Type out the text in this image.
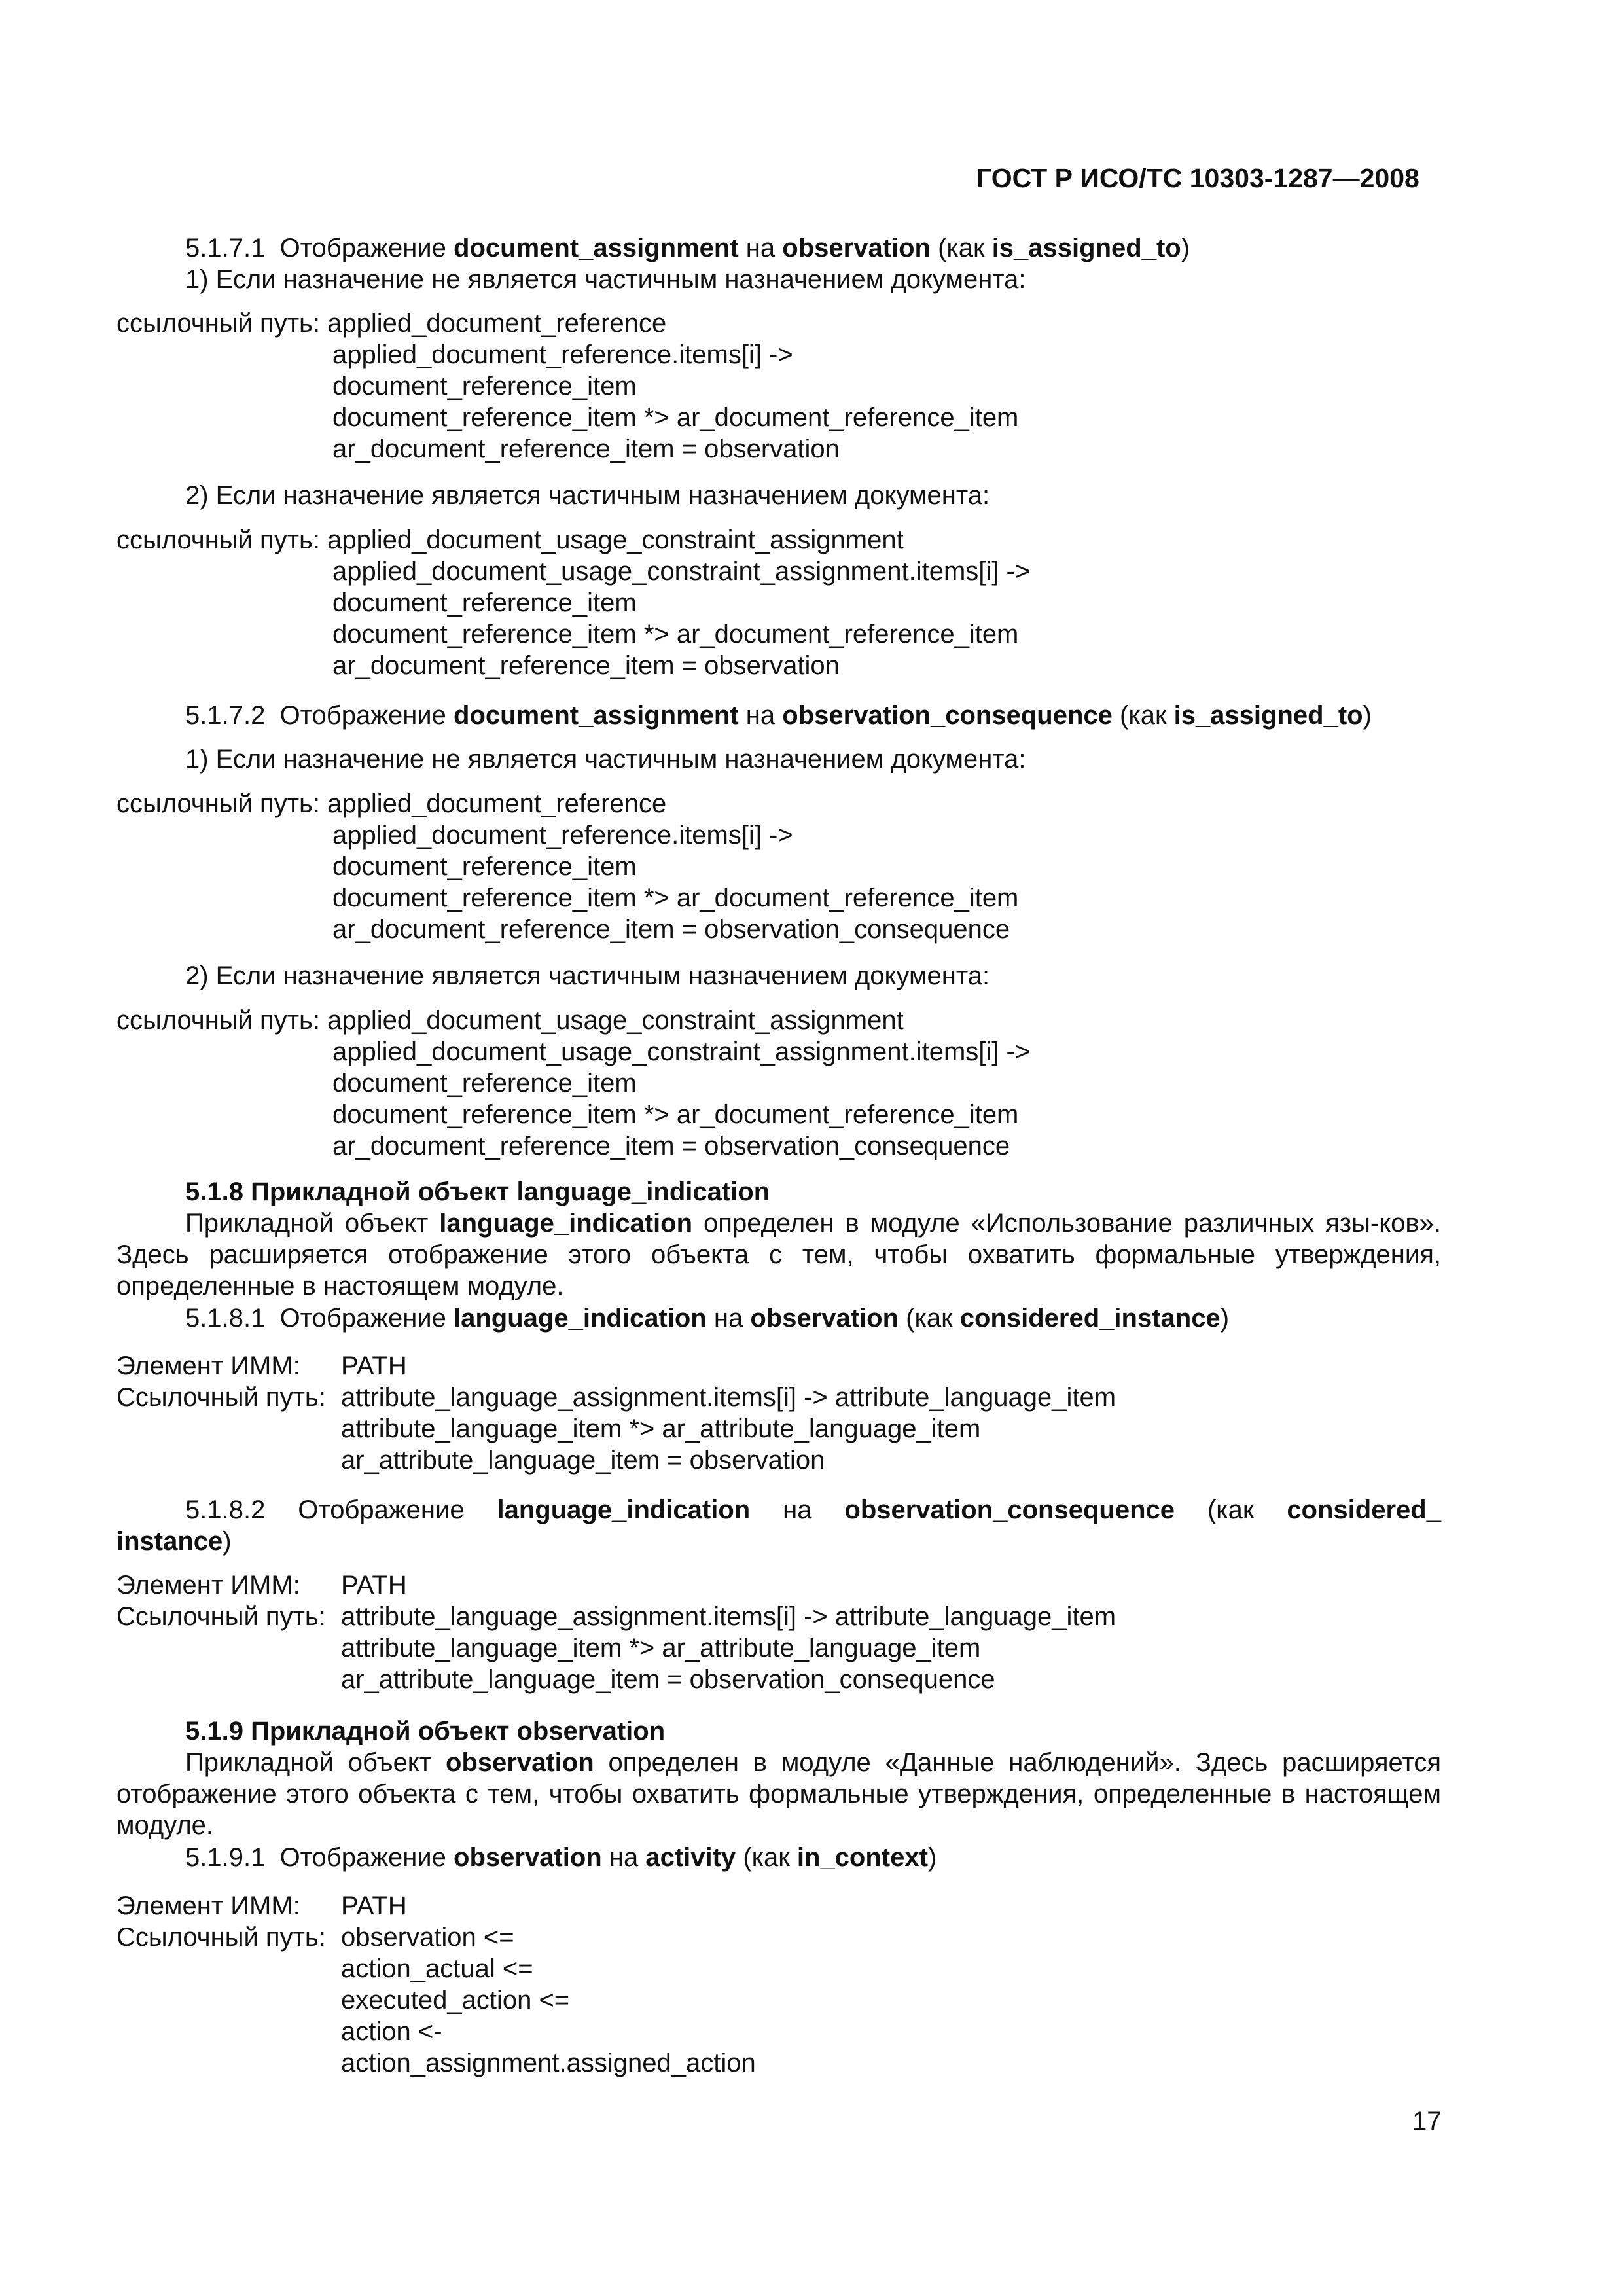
ГОСТ Р ИСО/ТС 10303-1287—2008
5.1.7.1 Отображение document_assignment на observation (как is_assigned_to)
1) Если назначение не является частичным назначением документа:
ссылочный путь: applied_document_reference
applied_document_reference.items[i] ->
document_reference_item
document_reference_item *> ar_document_reference_item
ar_document_reference_item = observation
2) Если назначение является частичным назначением документа:
ссылочный путь: applied_document_usage_constraint_assignment
applied_document_usage_constraint_assignment.items[i] ->
document_reference_item
document_reference_item *> ar_document_reference_item
ar_document_reference_item = observation
5.1.7.2 Отображение document_assignment на observation_consequence (как is_assigned_to)
1) Если назначение не является частичным назначением документа:
ссылочный путь: applied_document_reference
applied_document_reference.items[i] ->
document_reference_item
document_reference_item *> ar_document_reference_item
ar_document_reference_item = observation_consequence
2) Если назначение является частичным назначением документа:
ссылочный путь: applied_document_usage_constraint_assignment
applied_document_usage_constraint_assignment.items[i] ->
document_reference_item
document_reference_item *> ar_document_reference_item
ar_document_reference_item = observation_consequence
5.1.8 Прикладной объект language_indication
Прикладной объект language_indication определен в модуле «Использование различных язы-ков». Здесь расширяется отображение этого объекта с тем, чтобы охватить формальные утверждения, определенные в настоящем модуле.
5.1.8.1 Отображение language_indication на observation (как considered_instance)
Элемент ИММ: PATH
Ссылочный путь: attribute_language_assignment.items[i] -> attribute_language_item
attribute_language_item *> ar_attribute_language_item
ar_attribute_language_item = observation
5.1.8.2 Отображение language_indication на observation_consequence (как considered_
instance)
Элемент ИММ: PATH
Ссылочный путь: attribute_language_assignment.items[i] -> attribute_language_item
attribute_language_item *> ar_attribute_language_item
ar_attribute_language_item = observation_consequence
5.1.9 Прикладной объект observation
Прикладной объект observation определен в модуле «Данные наблюдений». Здесь расширяется отображение этого объекта с тем, чтобы охватить формальные утверждения, определенные в настоящем модуле.
5.1.9.1 Отображение observation на activity (как in_context)
Элемент ИММ: PATH
Ссылочный путь: observation <=
action_actual <=
executed_action <=
action <-
action_assignment.assigned_action
17
